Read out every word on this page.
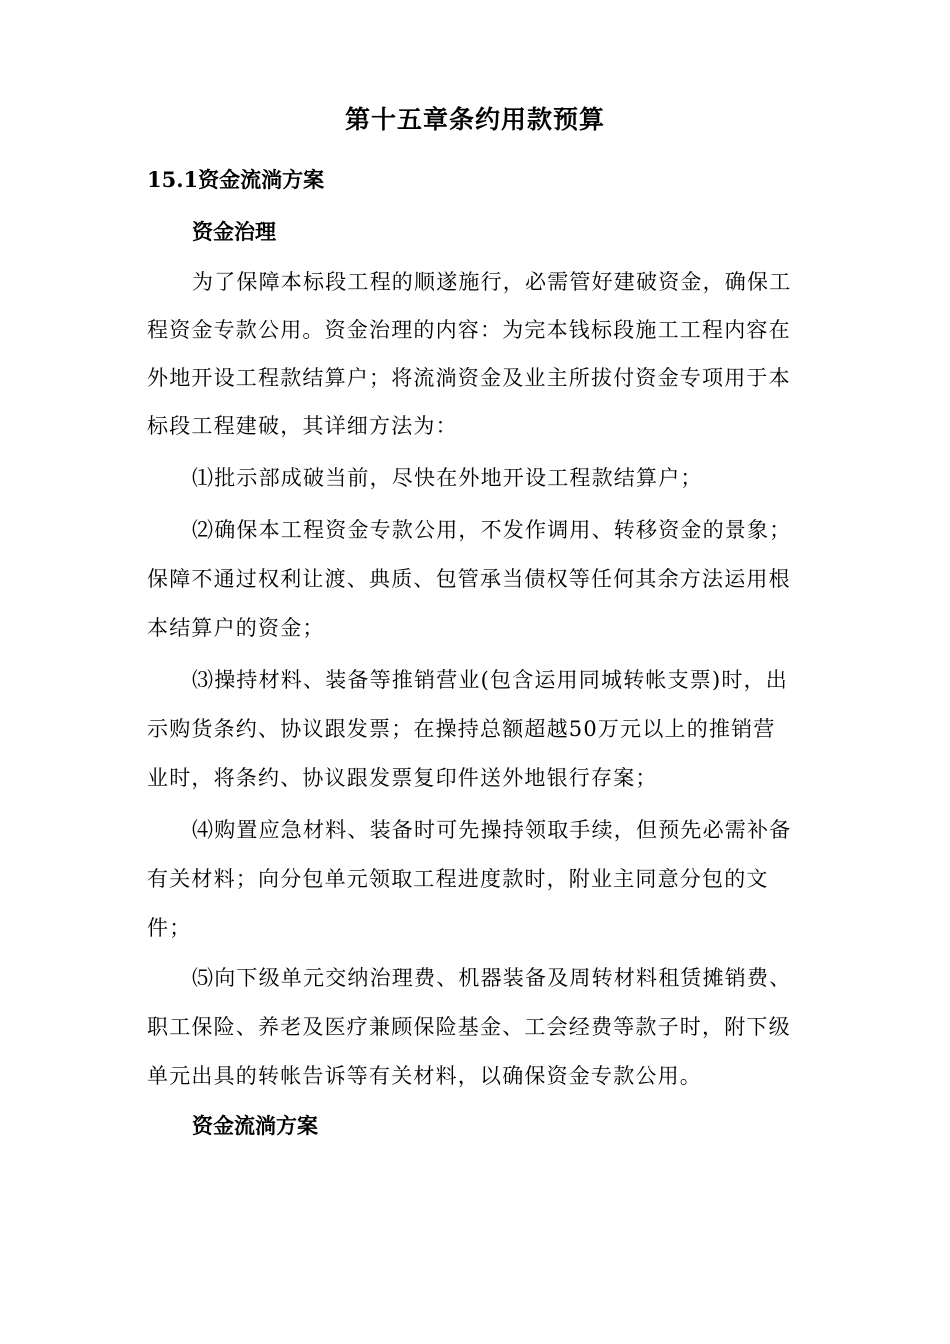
第十五章条约用款预算
15.1资金流淌方案
资金治理
为了保障本标段工程的顺遂施行，必需管好建破资金，确保工
程资金专款公用。资金治理的内容：为完本钱标段施工工程内容在
外地开设工程款结算户；将流淌资金及业主所拔付资金专项用于本
标段工程建破，其详细方法为：
⑴批示部成破当前，尽快在外地开设工程款结算户；
⑵确保本工程资金专款公用，不发作调用、转移资金的景象；
保障不通过权利让渡、典质、包管承当债权等任何其余方法运用根
本结算户的资金；
⑶操持材料、装备等推销营业(包含运用同城转帐支票)时，出
示购货条约、协议跟发票；在操持总额超越50万元以上的推销营
业时，将条约、协议跟发票复印件送外地银行存案；
⑷购置应急材料、装备时可先操持领取手续，但预先必需补备
有关材料；向分包单元领取工程进度款时，附业主同意分包的文
件；
⑸向下级单元交纳治理费、机器装备及周转材料租赁摊销费、
职工保险、养老及医疗兼顾保险基金、工会经费等款子时，附下级
单元出具的转帐告诉等有关材料，以确保资金专款公用。
资金流淌方案
